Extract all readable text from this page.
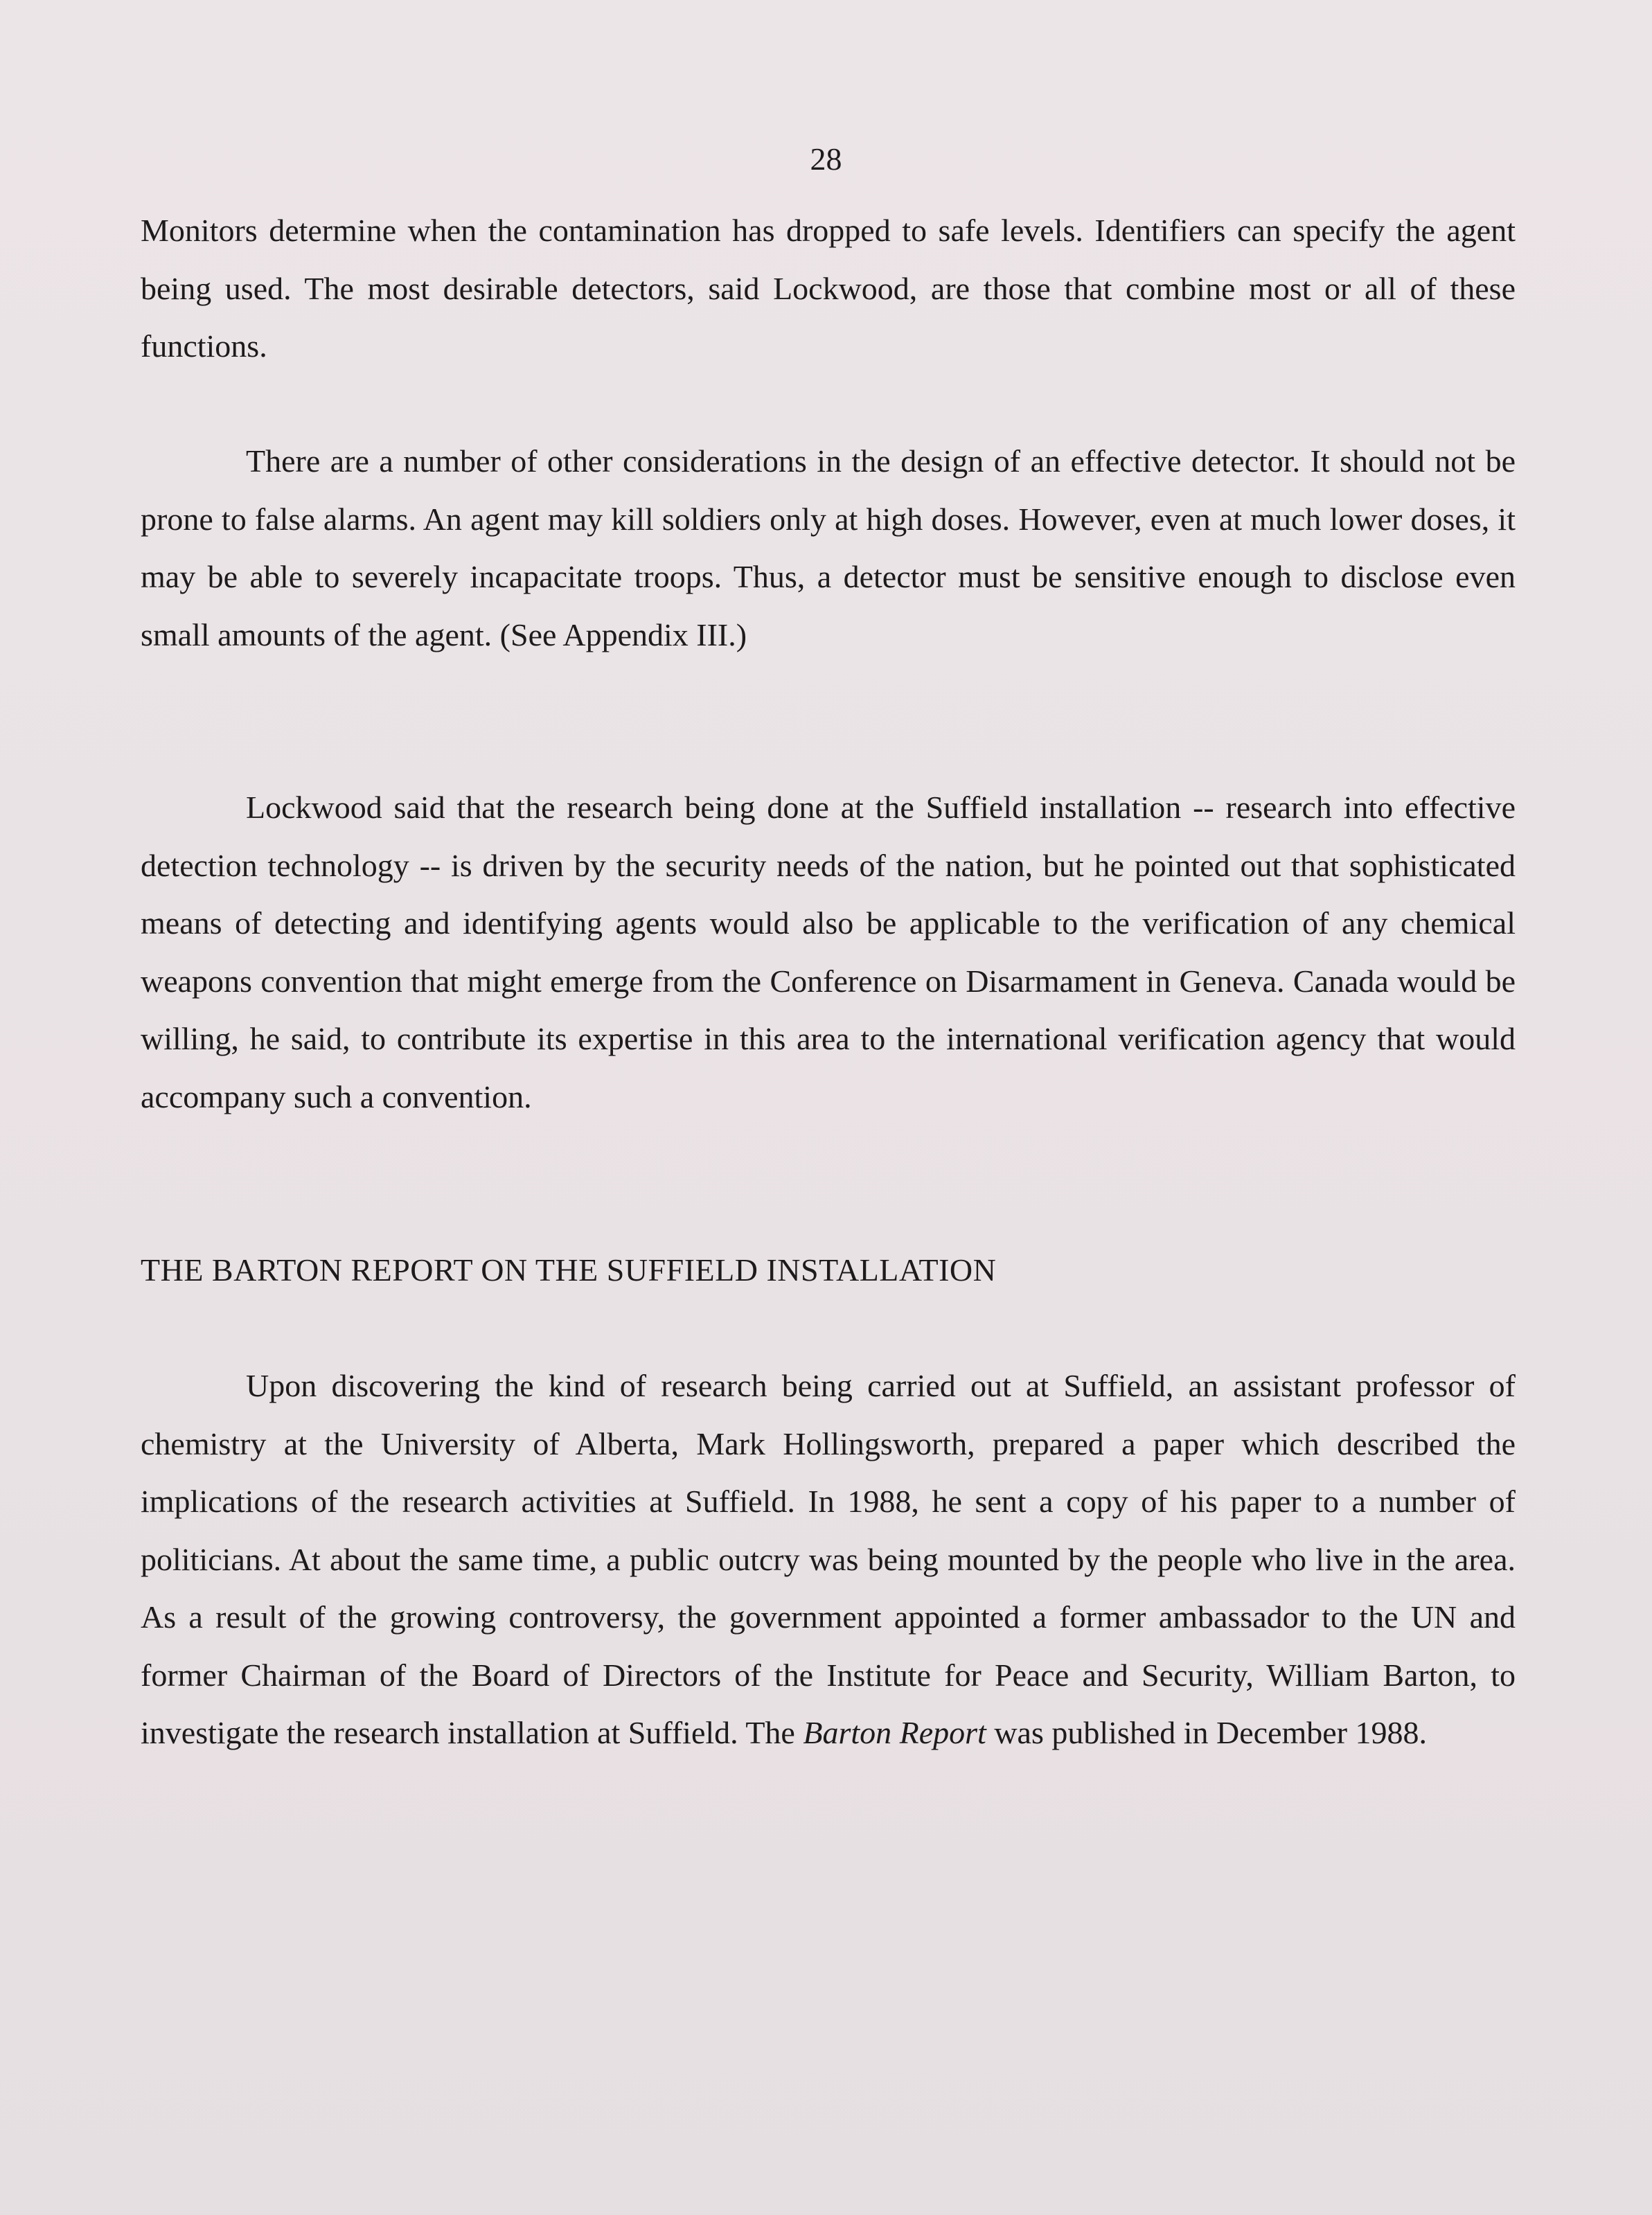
28

Monitors determine when the contamination has dropped to safe levels. Identifiers can specify the agent being used. The most desirable detectors, said Lockwood, are those that combine most or all of these functions.

There are a number of other considerations in the design of an effective detector. It should not be prone to false alarms. An agent may kill soldiers only at high doses. However, even at much lower doses, it may be able to severely incapacitate troops. Thus, a detector must be sensitive enough to disclose even small amounts of the agent. (See Appendix III.)

Lockwood said that the research being done at the Suffield installation -- research into effective detection technology -- is driven by the security needs of the nation, but he pointed out that sophisticated means of detecting and identifying agents would also be applicable to the verification of any chemical weapons convention that might emerge from the Conference on Disarmament in Geneva. Canada would be willing, he said, to contribute its expertise in this area to the international verification agency that would accompany such a convention.

THE BARTON REPORT ON THE SUFFIELD INSTALLATION

Upon discovering the kind of research being carried out at Suffield, an assistant professor of chemistry at the University of Alberta, Mark Hollingsworth, prepared a paper which described the implications of the research activities at Suffield. In 1988, he sent a copy of his paper to a number of politicians. At about the same time, a public outcry was being mounted by the people who live in the area. As a result of the growing controversy, the government appointed a former ambassador to the UN and former Chairman of the Board of Directors of the Institute for Peace and Security, William Barton, to investigate the research installation at Suffield. The Barton Report was published in December 1988.
